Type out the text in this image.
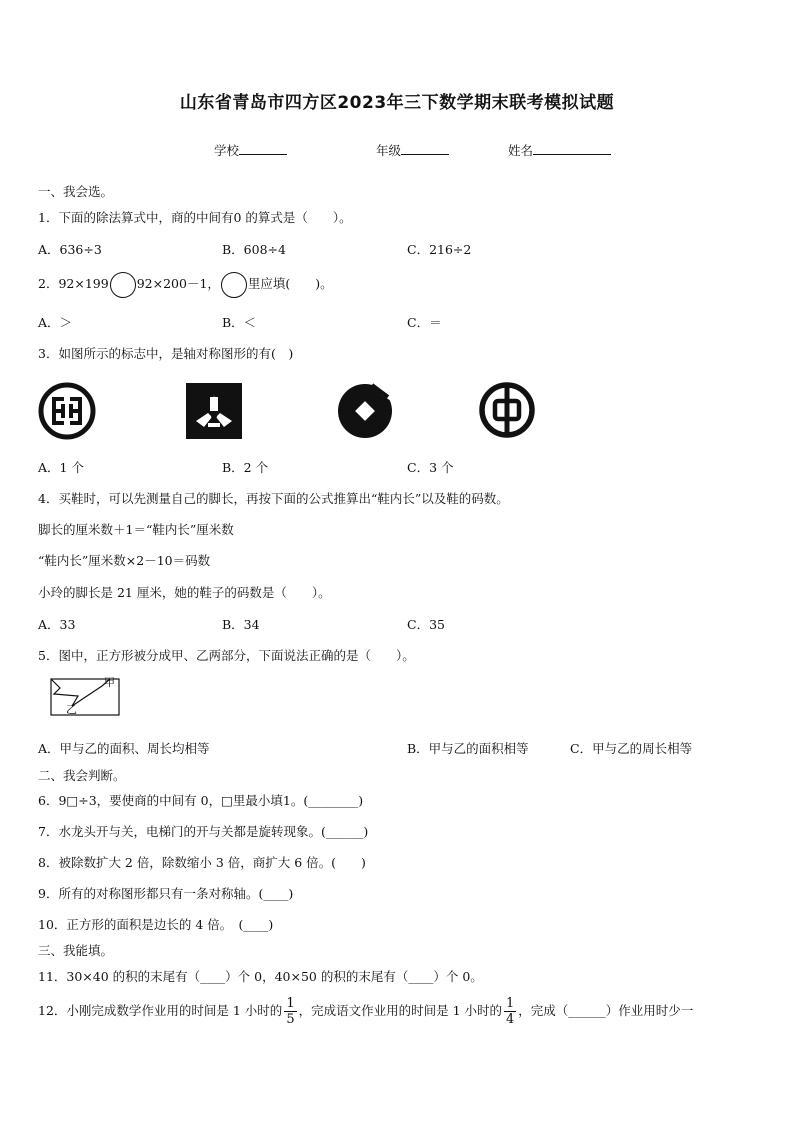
山东省青岛市四方区2023年三下数学期末联考模拟试题
学校	年级	姓名
一、我会选。
1．下面的除法算式中，商的中间有0 的算式是（　　）。
A．636÷3	B．608÷4	C．216÷2
2．92×199 92×200－1， 里应填(　　)。
A．＞	B．＜	C．＝
3．如图所示的标志中，是轴对称图形的有(　)
A．1 个	B．2 个	C．3 个
4．买鞋时，可以先测量自己的脚长，再按下面的公式推算出“鞋内长”以及鞋的码数。
脚长的厘米数＋1＝“鞋内长”厘米数
“鞋内长”厘米数×2－10＝码数
小玲的脚长是 21 厘米，她的鞋子的码数是（　　）。
A．33	B．34	C．35
5．图中，正方形被分成甲、乙两部分，下面说法正确的是（　　）。
甲
乙
A．甲与乙的面积、周长均相等	B．甲与乙的面积相等	C．甲与乙的周长相等
二、我会判断。
6．9□÷3，要使商的中间有 0，□里最小填1。(________)
7．水龙头开与关，电梯门的开与关都是旋转现象。(______)
8．被除数扩大 2 倍，除数缩小 3 倍，商扩大 6 倍。(　　)
9．所有的对称图形都只有一条对称轴。(____)
10．正方形的面积是边长的 4 倍。　(____)
三、我能填。
11．30×40 的积的末尾有（____）个 0，40×50 的积的末尾有（____）个 0。
12．小刚完成数学作业用的时间是 1 小时的 $\frac{1}{5}$ ，完成语文作业用的时间是 1 小时的 $\frac{1}{4}$ ，完成（______）作业用时少一
